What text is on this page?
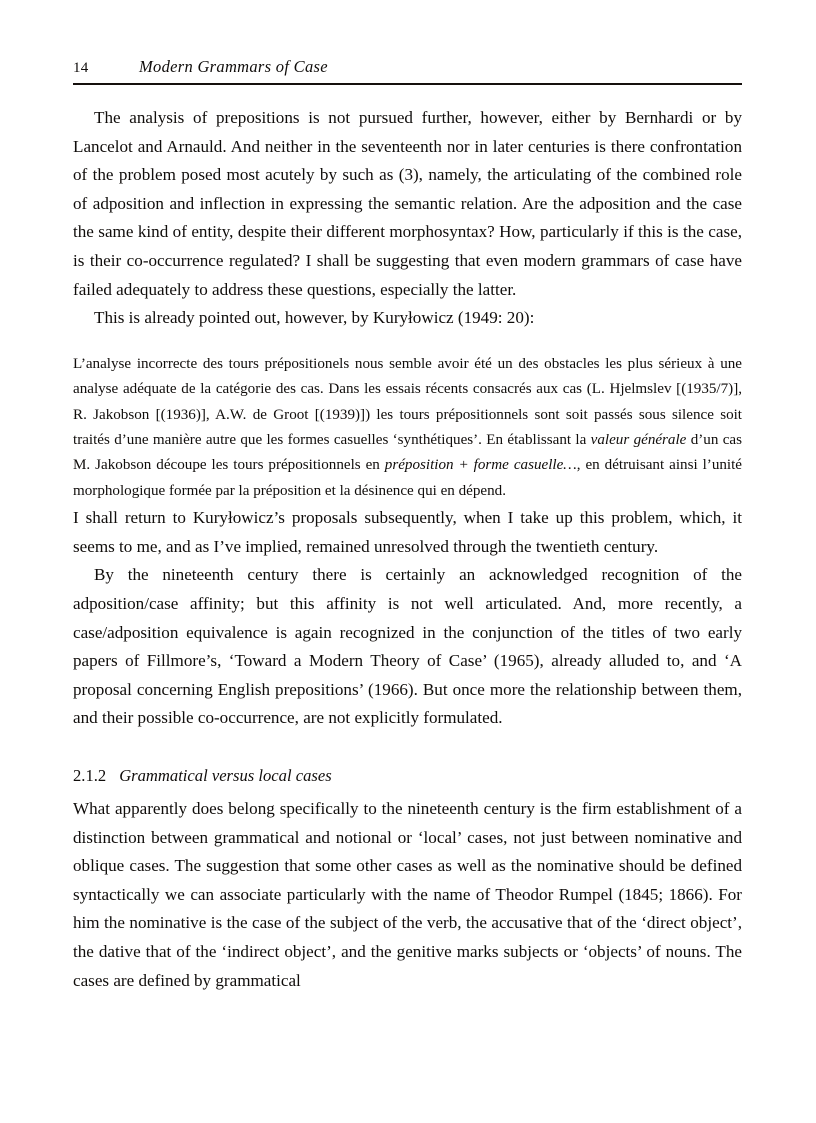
14	Modern Grammars of Case

The analysis of prepositions is not pursued further, however, either by Bernhardi or by Lancelot and Arnauld. And neither in the seventeenth nor in later centuries is there confrontation of the problem posed most acutely by such as (3), namely, the articulating of the combined role of adposition and inflection in expressing the semantic relation. Are the adposition and the case the same kind of entity, despite their different morphosyntax? How, particularly if this is the case, is their co-occurrence regulated? I shall be suggesting that even modern grammars of case have failed adequately to address these questions, especially the latter.

This is already pointed out, however, by Kuryłowicz (1949: 20):

L’analyse incorrecte des tours prépositionels nous semble avoir été un des obstacles les plus sérieux à une analyse adéquate de la catégorie des cas. Dans les essais récents consacrés aux cas (L. Hjelmslev [(1935/7)], R. Jakobson [(1936)], A.W. de Groot [(1939)]) les tours prépositionnels sont soit passés sous silence soit traités d’une manière autre que les formes casuelles ‘synthétiques’. En établissant la valeur générale d’un cas M. Jakobson découpe les tours prépositionnels en préposition + forme casuelle…, en détruisant ainsi l’unité morphologique formée par la préposition et la désinence qui en dépend.

I shall return to Kuryłowicz’s proposals subsequently, when I take up this problem, which, it seems to me, and as I’ve implied, remained unresolved through the twentieth century.

By the nineteenth century there is certainly an acknowledged recognition of the adposition/case affinity; but this affinity is not well articulated. And, more recently, a case/adposition equivalence is again recognized in the conjunction of the titles of two early papers of Fillmore’s, ‘Toward a Modern Theory of Case’ (1965), already alluded to, and ‘A proposal concerning English prepositions’ (1966). But once more the relationship between them, and their possible co-occurrence, are not explicitly formulated.

2.1.2 Grammatical versus local cases

What apparently does belong specifically to the nineteenth century is the firm establishment of a distinction between grammatical and notional or ‘local’ cases, not just between nominative and oblique cases. The suggestion that some other cases as well as the nominative should be defined syntactically we can associate particularly with the name of Theodor Rumpel (1845; 1866). For him the nominative is the case of the subject of the verb, the accusative that of the ‘direct object’, the dative that of the ‘indirect object’, and the genitive marks subjects or ‘objects’ of nouns. The cases are defined by grammatical
